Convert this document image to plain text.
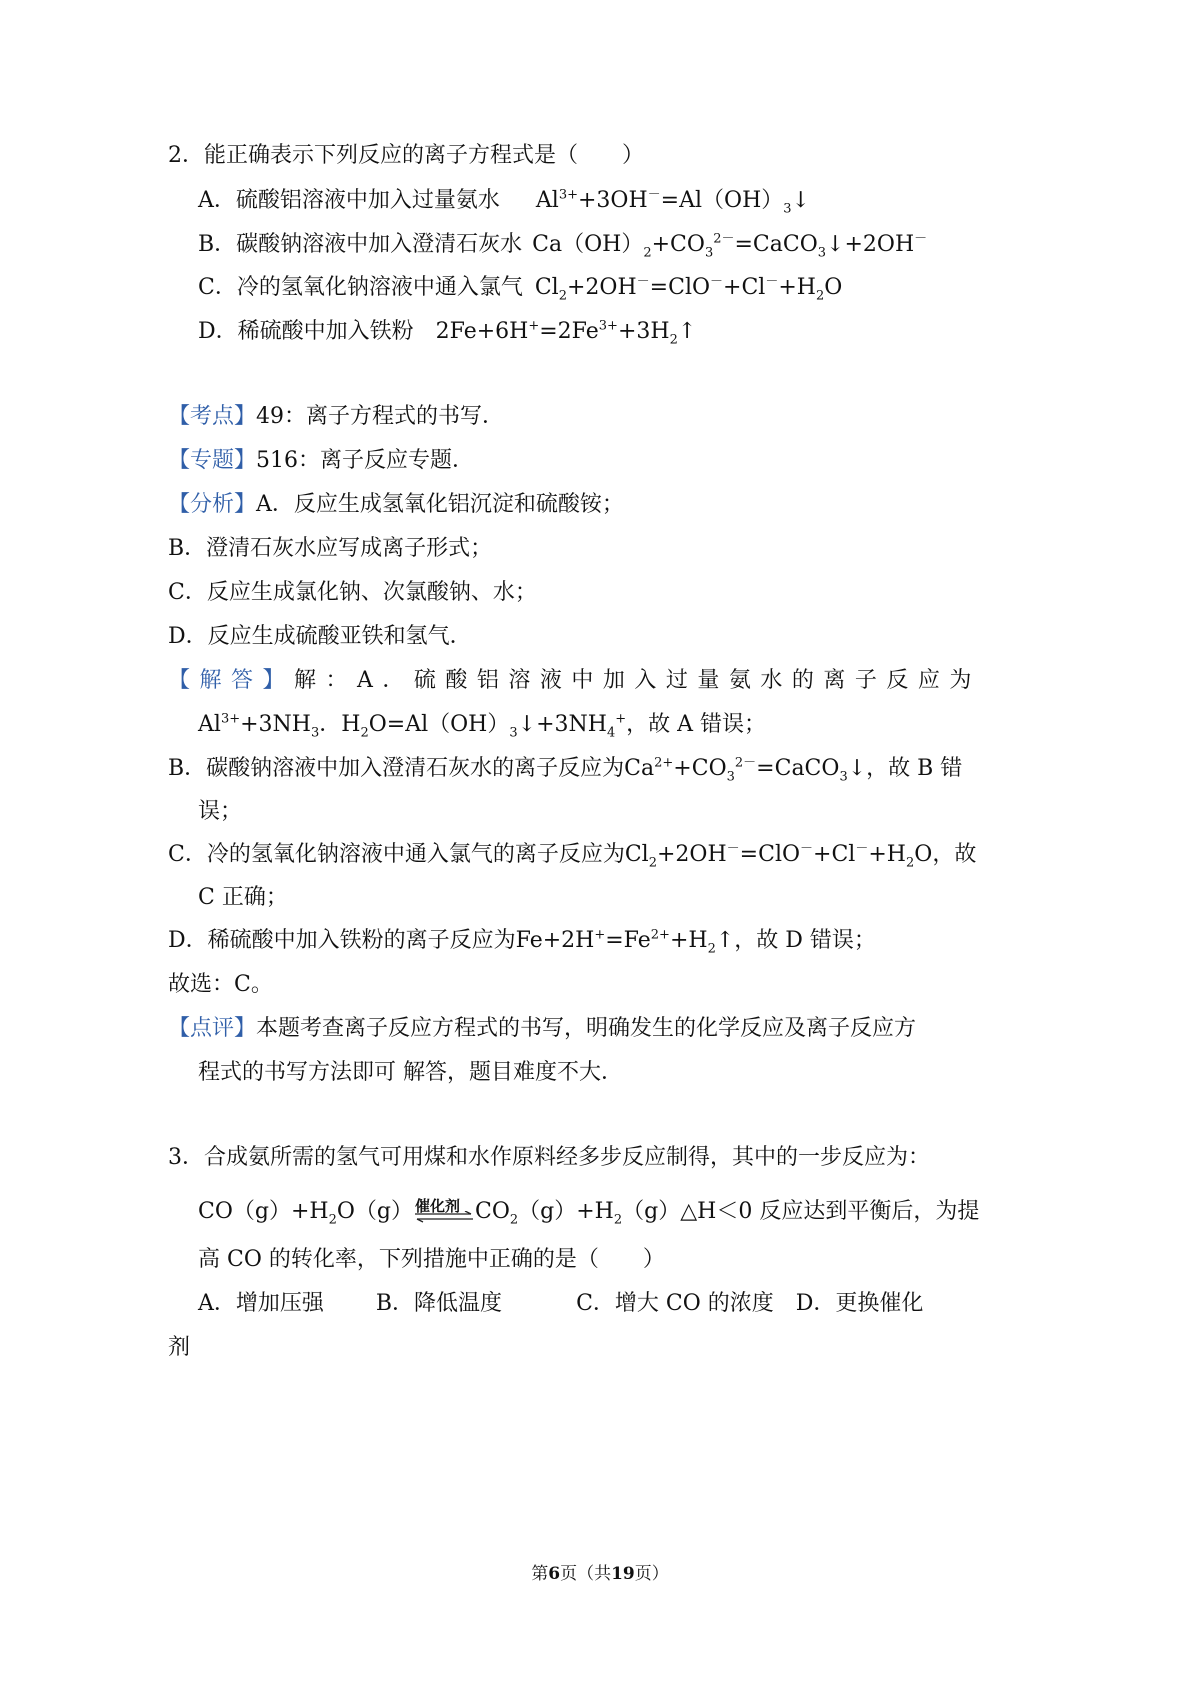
2．能正确表示下列反应的离子方程式是（　　）
A．硫酸铝溶液中加入过量氨水 $Al^{3+}+3OH^-=Al(OH)_3↓$
B．碳酸钠溶液中加入澄清石灰水 $Ca(OH)_2+CO_3^{2-}=CaCO_3↓+2OH^-$
C．冷的氢氧化钠溶液中通入氯气 $Cl_2+2OH^-=ClO^-+Cl^-+H_2O$
D．稀硫酸中加入铁粉 $2Fe+6H^+=2Fe^{3+}+3H_2↑$
【考点】49：离子方程式的书写．
【专题】516：离子反应专题．
【分析】A．反应生成氢氧化铝沉淀和硫酸铵；
B．澄清石灰水应写成离子形式；
C．反应生成氯化钠、次氯酸钠、水；
D．反应生成硫酸亚铁和氢气．
【解答】解：A．硫酸铝溶液中加入过量氨水的离子反应为
$Al^{3+}+3NH_3$．$H_2O=Al(OH)_3↓+3NH_4^+$，故 A 错误；
B．碳酸钠溶液中加入澄清石灰水的离子反应为$Ca^{2+}+CO_3^{2-}=CaCO_3↓$，故 B 错
误；
C．冷的氢氧化钠溶液中通入氯气的离子反应为$Cl_2+2OH^-=ClO^-+Cl^-+H_2O$，故
C 正确；
D．稀硫酸中加入铁粉的离子反应为$Fe+2H^+=Fe^{2+}+H_2↑$，故 D 错误；
故选：C。
【点评】本题考查离子反应方程式的书写，明确发生的化学反应及离子反应方
程式的书写方法即可 解答，题目难度不大．
3．合成氨所需的氢气可用煤和水作原料经多步反应制得，其中的一步反应为：
$CO(g)+H_2O(g)$ 催化剂 $CO_2(g)+H_2(g)\triangle H<0$ 反应达到平衡后，为提
高 CO 的转化率，下列措施中正确的是（　　）
A．增加压强 B．降低温度	C．增大 CO 的浓度 D．更换催化
剂
第6页（共19页）
